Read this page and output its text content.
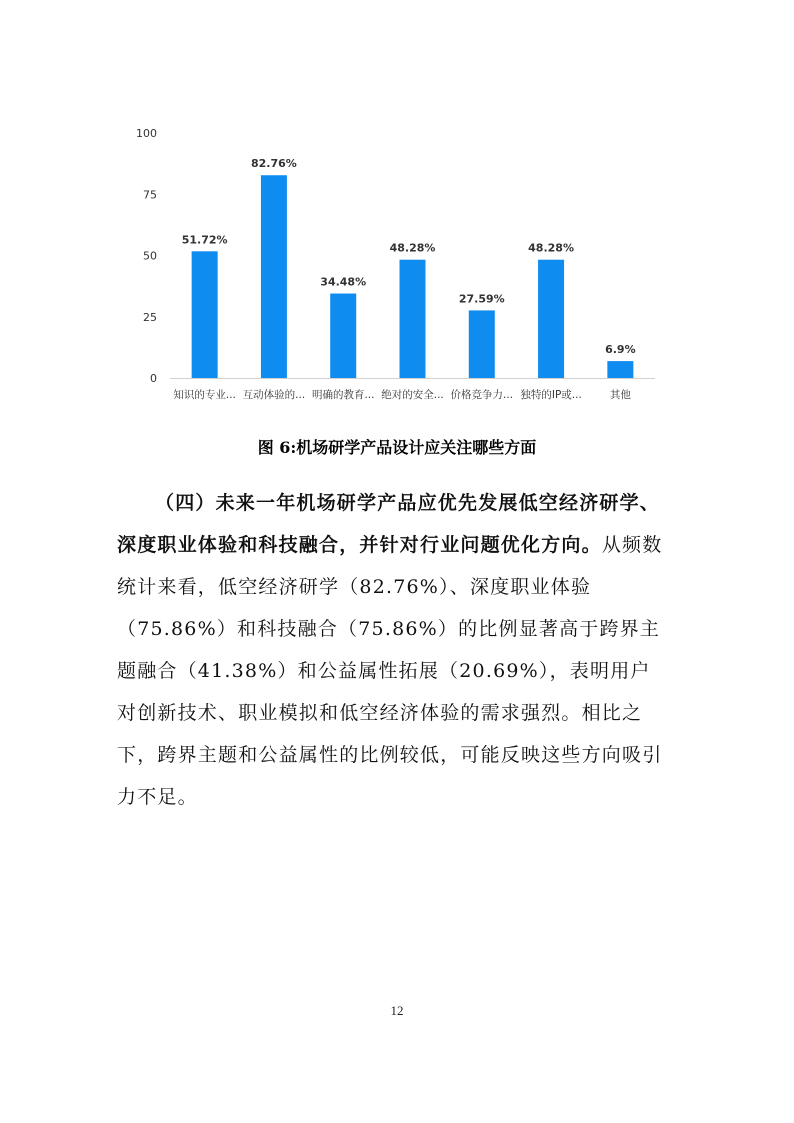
0
25
50
75
100
51.72%
知识的专业...
82.76%
互动体验的...
34.48%
明确的教育...
48.28%
绝对的安全...
27.59%
价格竞争力...
48.28%
独特的IP或...
6.9%
其他
图 6:机场研学产品设计应关注哪些方面
（四）未来一年机场研学产品应优先发展低空经济研学、深度职业体验和科技融合，并针对行业问题优化方向。从频数统计来看，低空经济研学（82.76%）、深度职业体验（75.86%）和科技融合（75.86%）的比例显著高于跨界主题融合（41.38%）和公益属性拓展（20.69%），表明用户对创新技术、职业模拟和低空经济体验的需求强烈。相比之下，跨界主题和公益属性的比例较低，可能反映这些方向吸引力不足。
12
